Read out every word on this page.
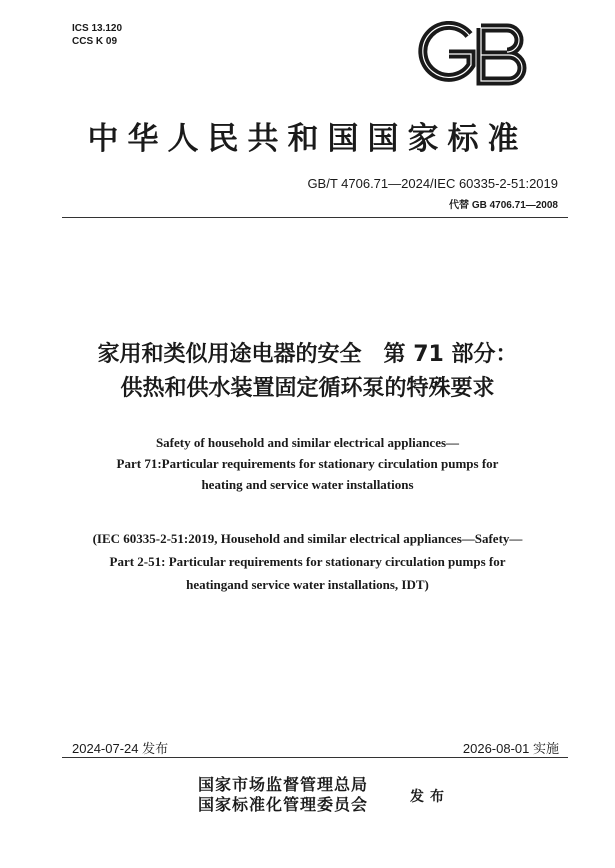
ICS 13.120
CCS K 09
中华人民共和国国家标准
GB/T 4706.71—2024/IEC 60335-2-51:2019
代替 GB 4706.71—2008
家用和类似用途电器的安全　第 71 部分：
供热和供水装置固定循环泵的特殊要求
Safety of household and similar electrical appliances—
Part 71:Particular requirements for stationary circulation pumps for
heating and service water installations
(IEC 60335-2-51:2019, Household and similar electrical appliances—Safety—
Part 2-51: Particular requirements for stationary circulation pumps for
heatingand service water installations, IDT)
2024-07-24 发布	2026-08-01 实施
国家市场监督管理总局
国家标准化管理委员会	发布
